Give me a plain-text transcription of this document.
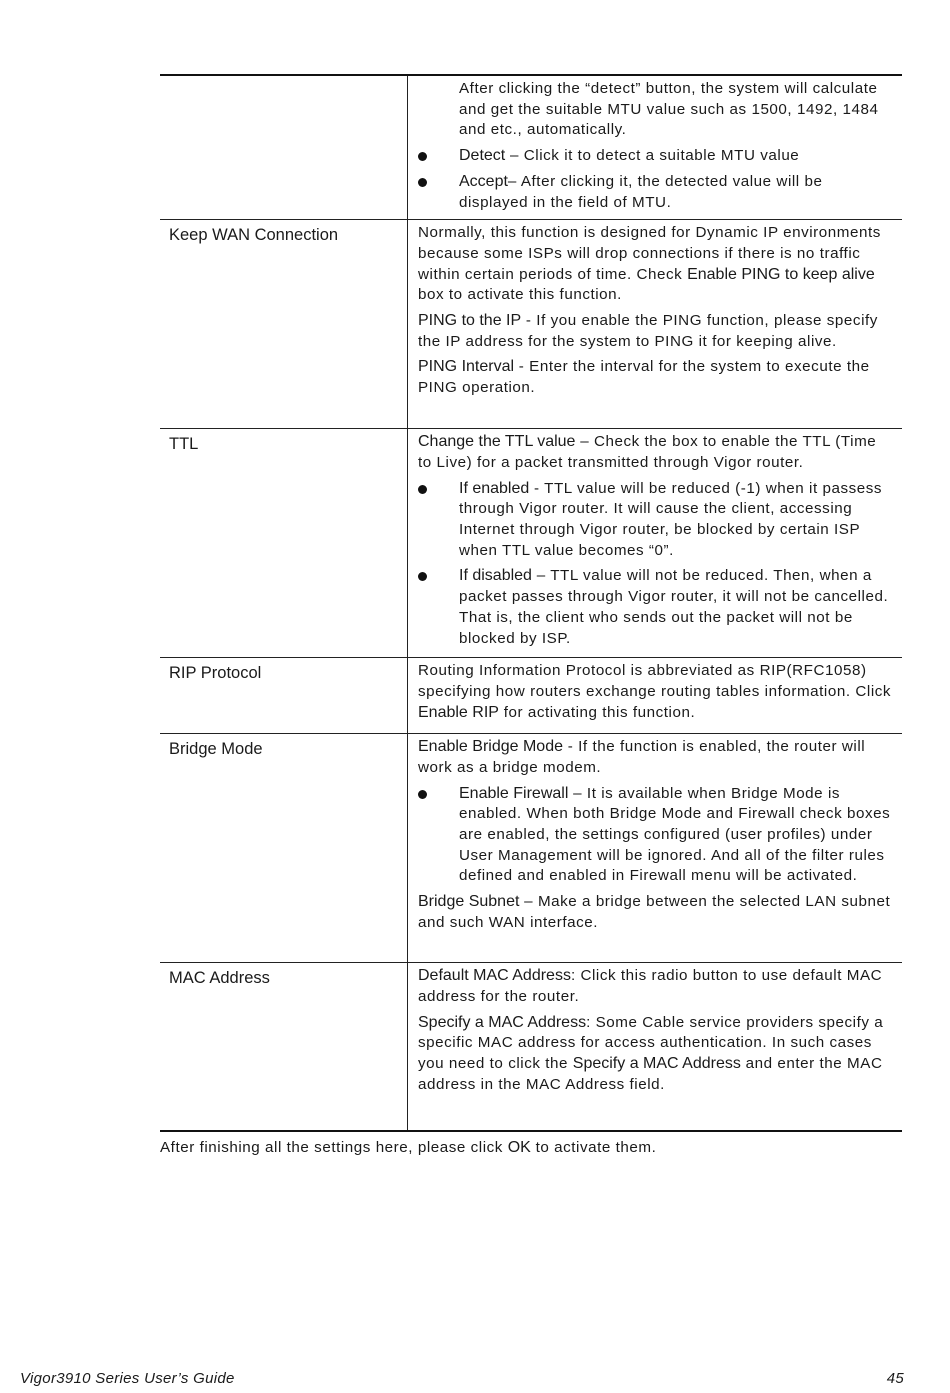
	After clicking the “detect” button, the system will calculate and get the suitable MTU value such as 1500, 1492, 1484 and etc., automatically.
Detect – Click it to detect a suitable MTU value
Accept– After clicking it, the detected value will be displayed in the field of MTU.

Keep WAN Connection	Normally, this function is designed for Dynamic IP environments because some ISPs will drop connections if there is no traffic within certain periods of time. Check Enable PING to keep alive box to activate this function.

PING to the IP - If you enable the PING function, please specify the IP address for the system to PING it for keeping alive.

PING Interval - Enter the interval for the system to execute the PING operation.

TTL	Change the TTL value – Check the box to enable the TTL (Time to Live) for a packet transmitted through Vigor router.

If enabled - TTL value will be reduced (-1) when it passess through Vigor router. It will cause the client, accessing Internet through Vigor router, be blocked by certain ISP when TTL value becomes “0”.
If disabled – TTL value will not be reduced. Then, when a packet passes through Vigor router, it will not be cancelled. That is, the client who sends out the packet will not be blocked by ISP.

RIP Protocol	Routing Information Protocol is abbreviated as RIP(RFC1058) specifying how routers exchange routing tables information. Click Enable RIP for activating this function.

Bridge Mode	Enable Bridge Mode - If the function is enabled, the router will work as a bridge modem.

Enable Firewall – It is available when Bridge Mode is enabled. When both Bridge Mode and Firewall check boxes are enabled, the settings configured (user profiles) under User Management will be ignored. And all of the filter rules defined and enabled in Firewall menu will be activated.

Bridge Subnet – Make a bridge between the selected LAN subnet and such WAN interface.

MAC Address	Default MAC Address: Click this radio button to use default MAC address for the router.

Specify a MAC Address: Some Cable service providers specify a specific MAC address for access authentication. In such cases you need to click the Specify a MAC Address and enter the MAC address in the MAC Address field.

After finishing all the settings here, please click OK to activate them.
Vigor3910 Series User’s Guide	45
